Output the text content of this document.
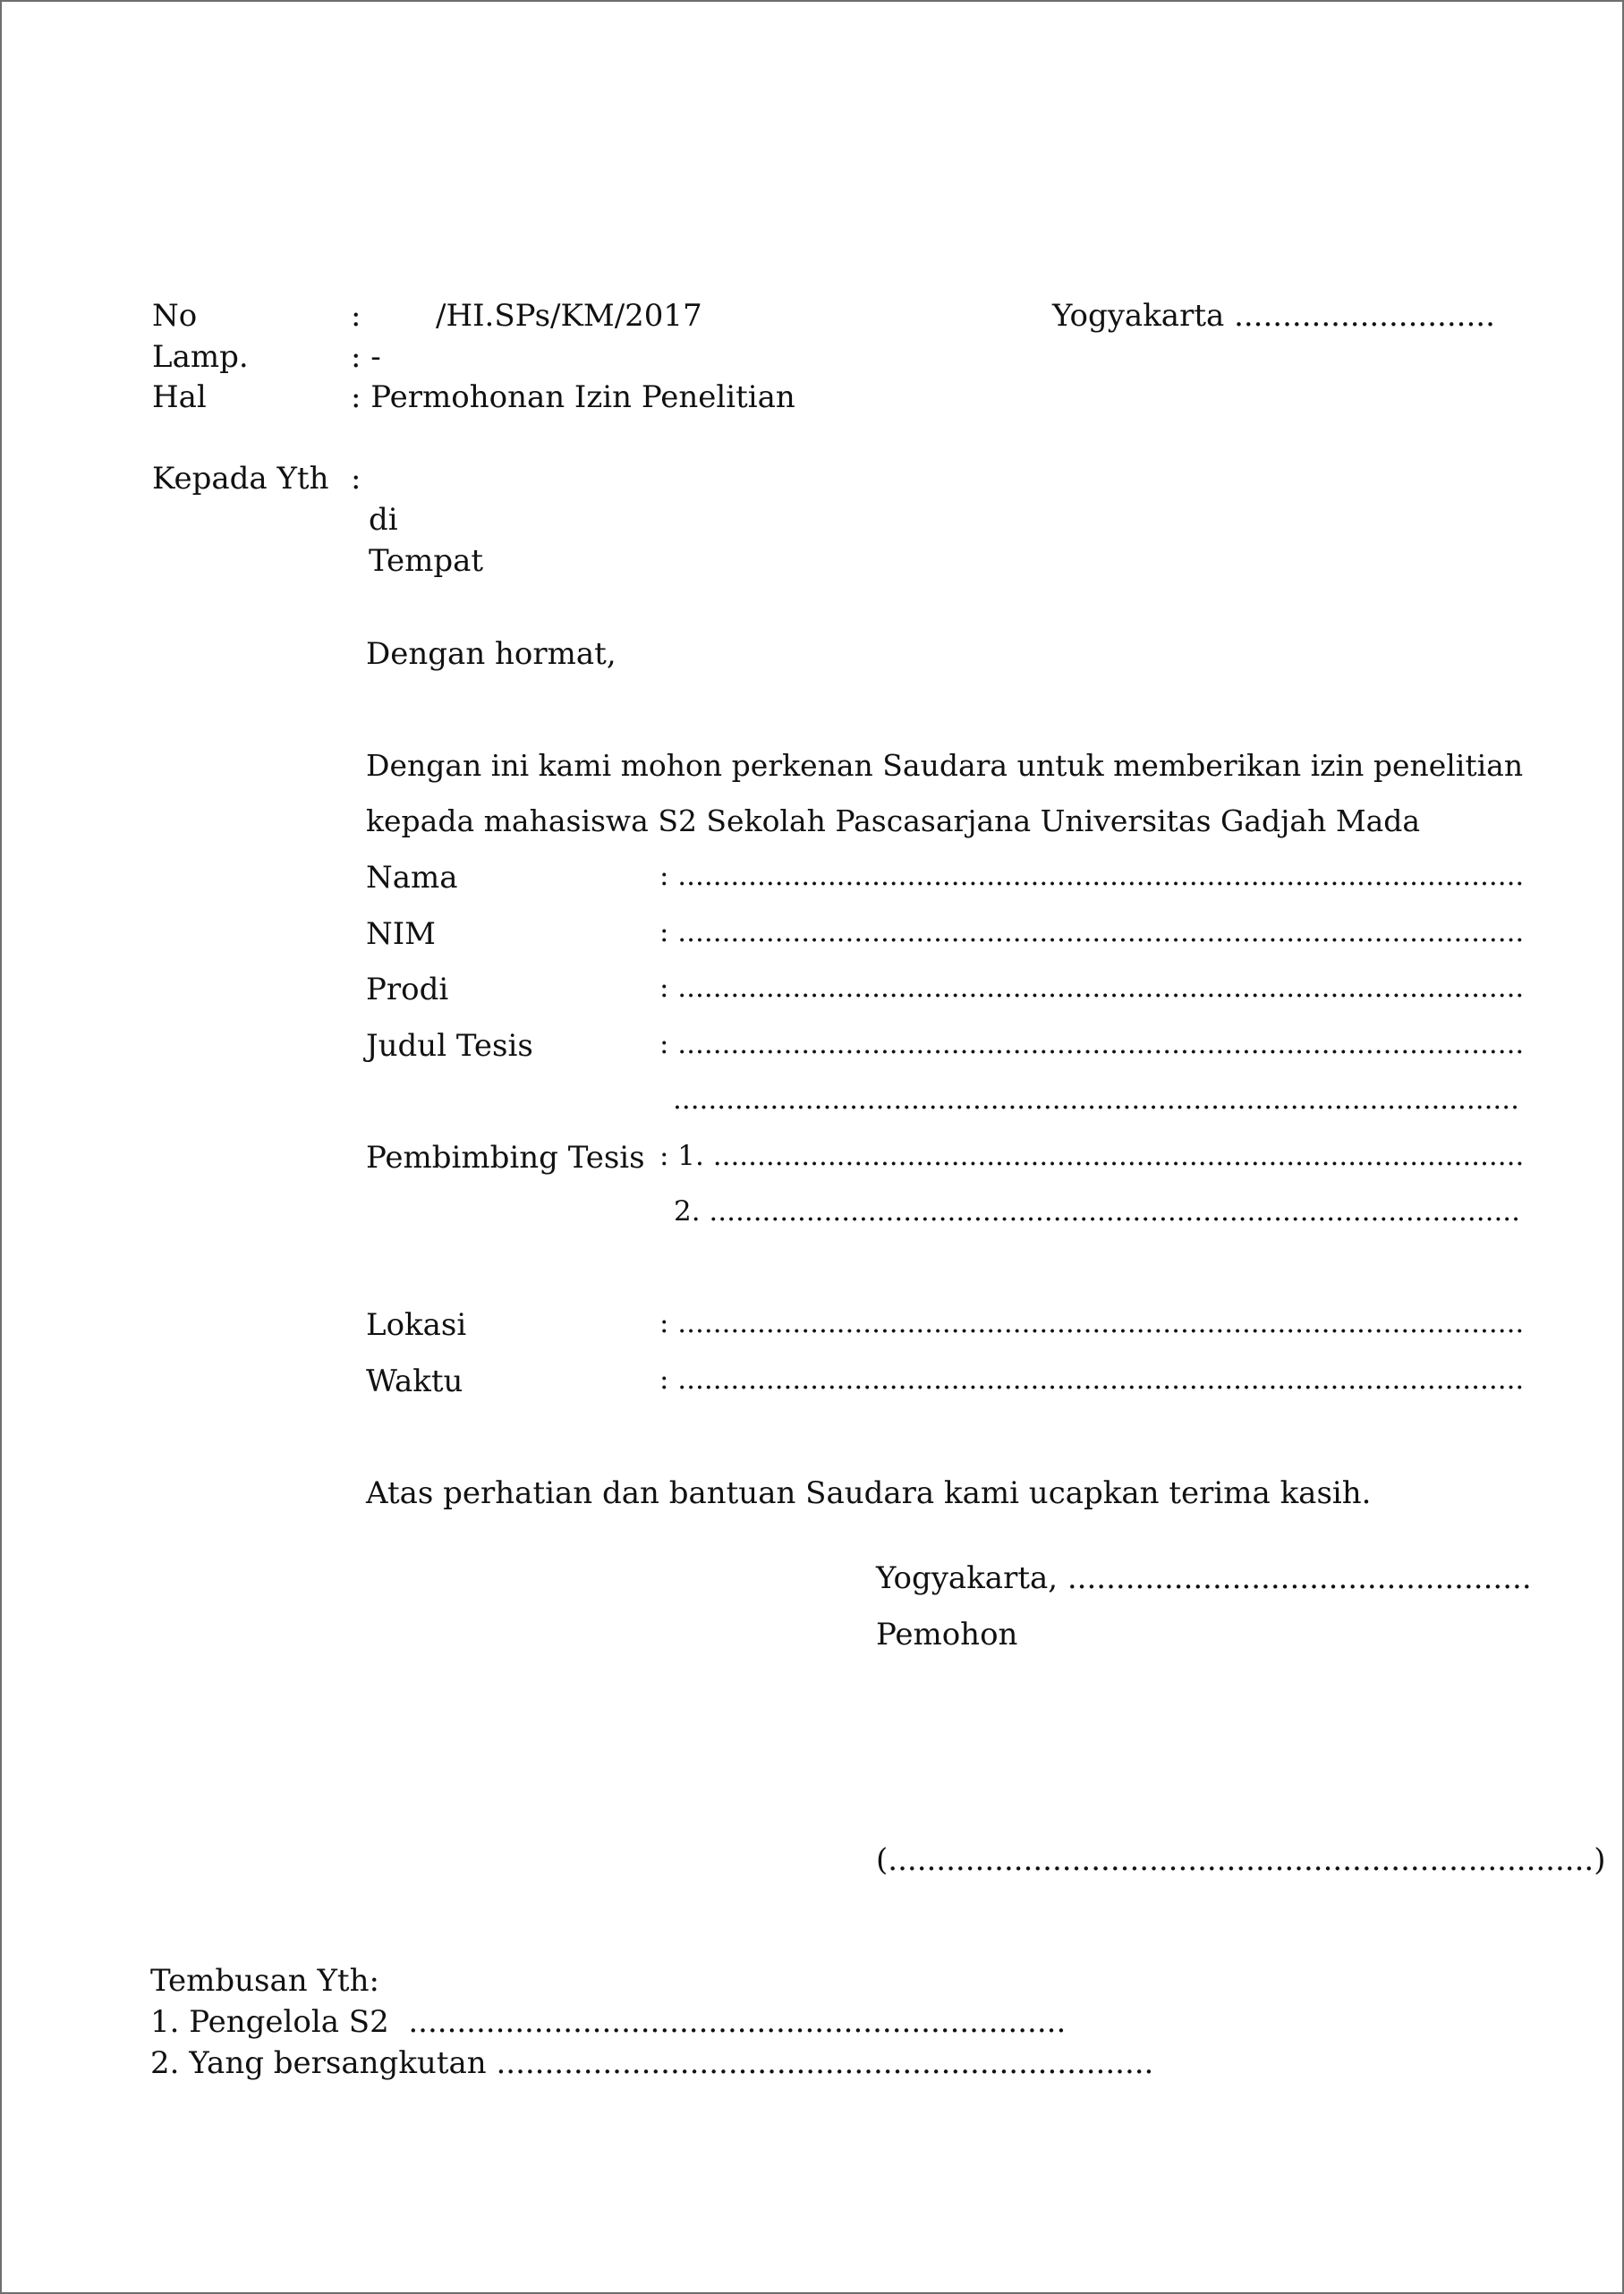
No	: /HI.SPs/KM/2017	Yogyakarta ...........................
Lamp.	: -
Hal	: Permohonan Izin Penelitian
Kepada Yth :
di
Tempat
Dengan hormat,
Dengan ini kami mohon perkenan Saudara untuk memberikan izin penelitian
kepada mahasiswa S2 Sekolah Pascasarjana Universitas Gadjah Mada
Nama	: ................................................................................................
NIM	: ................................................................................................
Prodi	: ................................................................................................
Judul Tesis	: ................................................................................................
................................................................................................
Pembimbing Tesis : 1. ............................................................................................
2. ............................................................................................
Lokasi	: ................................................................................................
Waktu	: ................................................................................................
Atas perhatian dan bantuan Saudara kami ucapkan terima kasih.
Yogyakarta, ................................................
Pemohon
(.........................................................................)
Tembusan Yth:
1. Pengelola S2  ....................................................................
2. Yang bersangkutan ....................................................................
